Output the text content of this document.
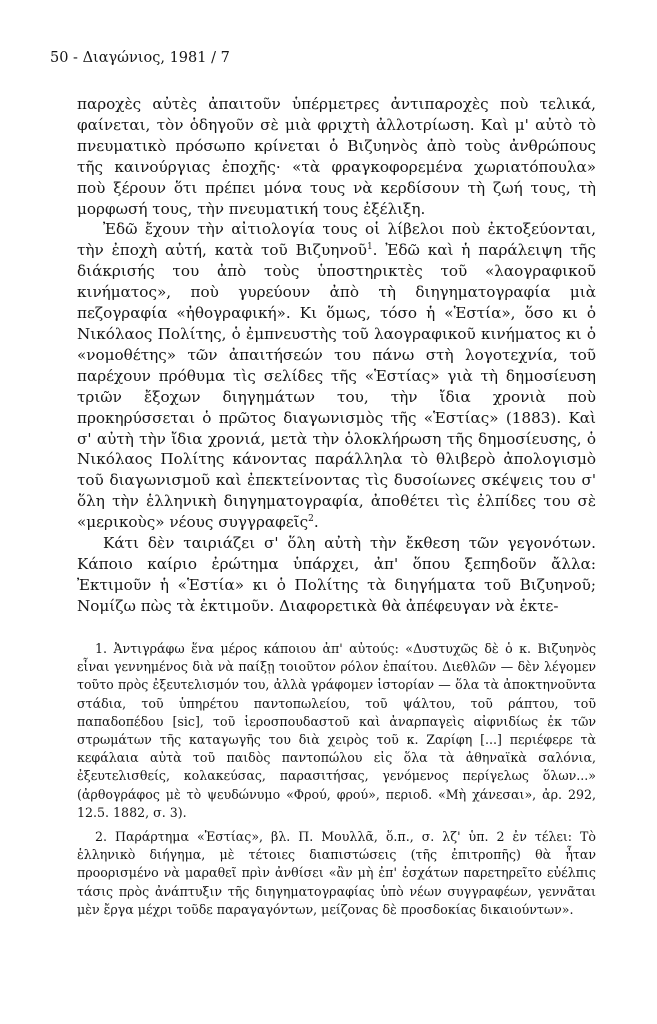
50 - Διαγώνιος, 1981 / 7

παροχὲς αὐτὲς ἀπαιτοῦν ὑπέρμετρες ἀντιπαροχὲς ποὺ τελικά, φαίνεται, τὸν ὁδηγοῦν σὲ μιὰ φριχτὴ ἀλλοτρίωση. Καὶ μ' αὐτὸ τὸ πνευματικὸ πρόσωπο κρίνεται ὁ Βιζυηνὸς ἀπὸ τοὺς ἀνθρώπους τῆς καινούργιας ἐποχῆς· «τὰ φραγκοφορεμένα χωριατόπουλα» ποὺ ξέρουν ὅτι πρέπει μόνα τους νὰ κερδίσουν τὴ ζωή τους, τὴ μορφωσή τους, τὴν πνευματική τους ἐξέλιξη.

Ἐδῶ ἔχουν τὴν αἰτιολογία τους οἱ λίβελοι ποὺ ἐκτοξεύονται, τὴν ἐποχὴ αὐτή, κατὰ τοῦ Βιζυηνοῦ$^1$. Ἐδῶ καὶ ἡ παράλειψη τῆς διάκρισής του ἀπὸ τοὺς ὑποστηρικτὲς τοῦ «λαογραφικοῦ κινήματος», ποὺ γυρεύουν ἀπὸ τὴ διηγηματογραφία μιὰ πεζογραφία «ἠθογραφική». Κι ὅμως, τόσο ἡ «Ἑστία», ὅσο κι ὁ Νικόλαος Πολίτης, ὁ ἐμπνευστὴς τοῦ λαογραφικοῦ κινήματος κι ὁ «νομοθέτης» τῶν ἀπαιτήσεών του πάνω στὴ λογοτεχνία, τοῦ παρέχουν πρόθυμα τὶς σελίδες τῆς «Ἑστίας» γιὰ τὴ δημοσίευση τριῶν ἔξοχων διηγημάτων του, τὴν ἴδια χρονιὰ ποὺ προκηρύσσεται ὁ πρῶτος διαγωνισμὸς τῆς «Ἑστίας» (1883). Καὶ σ' αὐτὴ τὴν ἴδια χρονιά, μετὰ τὴν ὁλοκλήρωση τῆς δημοσίευσης, ὁ Νικόλαος Πολίτης κάνοντας παράλληλα τὸ θλιβερὸ ἀπολογισμὸ τοῦ διαγωνισμοῦ καὶ ἐπεκτείνοντας τὶς δυσοίωνες σκέψεις του σ' ὅλη τὴν ἑλληνικὴ διηγηματογραφία, ἀποθέτει τὶς ἐλπίδες του σὲ «μερικοὺς» νέους συγγραφεῖς$^2$.

Κάτι δὲν ταιριάζει σ' ὅλη αὐτὴ τὴν ἔκθεση τῶν γεγονότων. Κάποιο καίριο ἐρώτημα ὑπάρχει, ἀπ' ὅπου ξεπηδοῦν ἄλλα: Ἐκτιμοῦν ἡ «Ἑστία» κι ὁ Πολίτης τὰ διηγήματα τοῦ Βιζυηνοῦ; Νομίζω πὼς τὰ ἐκτιμοῦν. Διαφορετικὰ θὰ ἀπέφευγαν νὰ ἐκτε-

1. Ἀντιγράφω ἕνα μέρος κάποιου ἀπ' αὐτούς: «Δυστυχῶς δὲ ὁ κ. Βιζυηνὸς εἶναι γεννημένος διὰ νὰ παίξῃ τοιοῦτον ρόλον ἐπαίτου. Διεθλῶν — δὲν λέγομεν τοῦτο πρὸς ἐξευτελισμόν του, ἀλλὰ γράφομεν ἱστορίαν — ὅλα τὰ ἀποκτηνοῦντα στάδια, τοῦ ὑπηρέτου παντοπωλείου, τοῦ ψάλτου, τοῦ ράπτου, τοῦ παπαδοπέδου [sic], τοῦ ἱεροσπουδαστοῦ καὶ ἀναρπαγεὶς αἰφνιδίως ἐκ τῶν στρωμάτων τῆς καταγωγῆς του διὰ χειρὸς τοῦ κ. Ζαρίφη [...] περιέφερε τὰ κεφάλαια αὐτὰ τοῦ παιδὸς παντοπώλου εἰς ὅλα τὰ ἀθηναϊκὰ σαλόνια, ἐξευτελισθείς, κολακεύσας, παρασιτήσας, γενόμενος περίγελως ὅλων...» (ἀρθογράφος μὲ τὸ ψευδώνυμο «Φρού, φρού», περιοδ. «Μὴ χάνεσαι», ἀρ. 292, 12.5. 1882, σ. 3).

2. Παράρτημα «Ἑστίας», βλ. Π. Μουλλᾶ, ὅ.π., σ. λζ' ὑπ. 2 ἐν τέλει: Τὸ ἑλληνικὸ διήγημα, μὲ τέτοιες διαπιστώσεις (τῆς ἐπιτροπῆς) θὰ ἦταν προορισμένο νὰ μαραθεῖ πρὶν ἀνθίσει «ἂν μὴ ἐπ' ἐσχάτων παρετηρεῖτο εὐέλπις τάσις πρὸς ἀνάπτυξιν τῆς διηγηματογραφίας ὑπὸ νέων συγγραφέων, γεννᾶται μὲν ἔργα μέχρι τοῦδε παραγαγόντων, μείζονας δὲ προσδοκίας δικαιούντων».
